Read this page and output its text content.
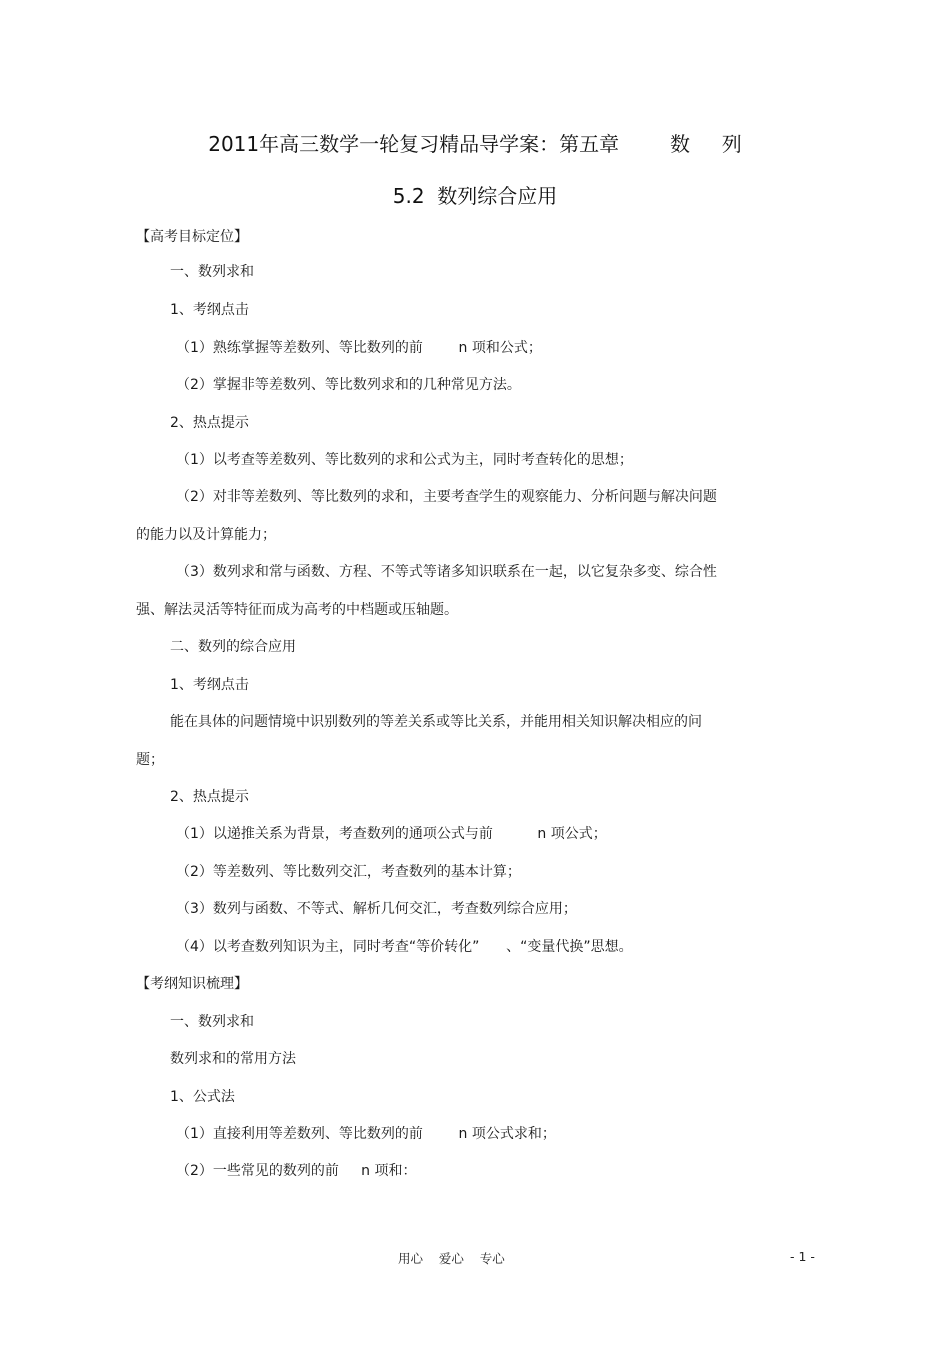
2011年高三数学一轮复习精品导学案：第五章        数     列
5.2  数列综合应用
【高考目标定位】
一、数列求和
1、考纲点击
（1）熟练掌握等差数列、等比数列的前        n 项和公式；
（2）掌握非等差数列、等比数列求和的几种常见方法。
2、热点提示
（1）以考查等差数列、等比数列的求和公式为主，同时考查转化的思想；
（2）对非等差数列、等比数列的求和，主要考查学生的观察能力、分析问题与解决问题
的能力以及计算能力；
（3）数列求和常与函数、方程、不等式等诸多知识联系在一起，以它复杂多变、综合性
强、解法灵活等特征而成为高考的中档题或压轴题。
二、数列的综合应用
1、考纲点击
能在具体的问题情境中识别数列的等差关系或等比关系，并能用相关知识解决相应的问
题；
2、热点提示
（1）以递推关系为背景，考查数列的通项公式与前          n 项公式；
（2）等差数列、等比数列交汇，考查数列的基本计算；
（3）数列与函数、不等式、解析几何交汇，考查数列综合应用；
（4）以考查数列知识为主，同时考查“等价转化”      、“变量代换”思想。
【考纲知识梳理】
一、数列求和
数列求和的常用方法
1、公式法
（1）直接利用等差数列、等比数列的前        n 项公式求和；
（2）一些常见的数列的前     n 项和：
用心    爱心    专心	- 1 -
